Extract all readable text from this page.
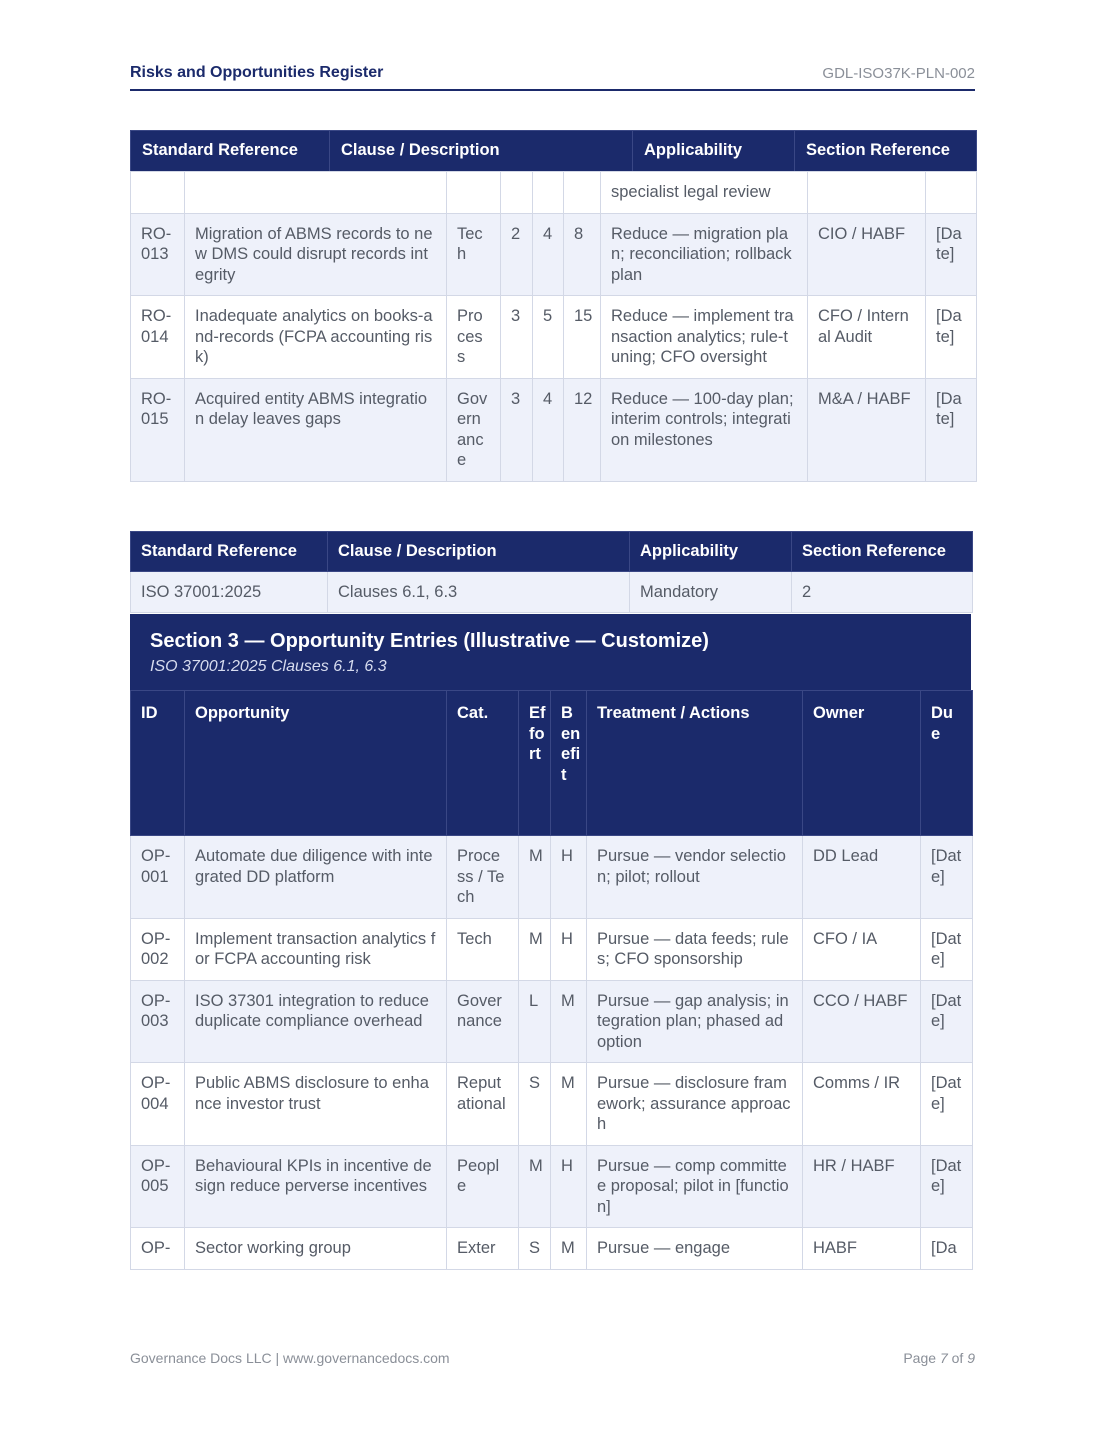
Risks and Opportunities Register	GDL-ISO37K-PLN-002
Standard Reference	Clause / Description	Applicability	Section Reference
						specialist legal review		
RO-013	Migration of ABMS records to new DMS could disrupt records integrity	Tech	2	4	8	Reduce — migration plan; reconciliation; rollback plan	CIO / HABF	[Date]
RO-014	Inadequate analytics on books-and-records (FCPA accounting risk)	Process	3	5	15	Reduce — implement transaction analytics; rule-tuning; CFO oversight	CFO / Internal Audit	[Date]
RO-015	Acquired entity ABMS integration delay leaves gaps	Governance	3	4	12	Reduce — 100-day plan; interim controls; integration milestones	M&A / HABF	[Date]
Standard Reference	Clause / Description	Applicability	Section Reference
ISO 37001:2025	Clauses 6.1, 6.3	Mandatory	2
Section 3 — Opportunity Entries (Illustrative — Customize)
ISO 37001:2025 Clauses 6.1, 6.3
ID	Opportunity	Cat.	Effort	Benefit	Treatment / Actions	Owner	Due
OP-001	Automate due diligence with integrated DD platform	Process / Tech	M	H	Pursue — vendor selection; pilot; rollout	DD Lead	[Date]
OP-002	Implement transaction analytics for FCPA accounting risk	Tech	M	H	Pursue — data feeds; rules; CFO sponsorship	CFO / IA	[Date]
OP-003	ISO 37301 integration to reduce duplicate compliance overhead	Governance	L	M	Pursue — gap analysis; integration plan; phased adoption	CCO / HABF	[Date]
OP-004	Public ABMS disclosure to enhance investor trust	Reputational	S	M	Pursue — disclosure framework; assurance approach	Comms / IR	[Date]
OP-005	Behavioural KPIs in incentive design reduce perverse incentives	People	M	H	Pursue — comp committee proposal; pilot in [function]	HR / HABF	[Date]
OP-	Sector working group	Exter	S	M	Pursue — engage	HABF	[Da
Governance Docs LLC | www.governancedocs.com	Page 7 of 9
